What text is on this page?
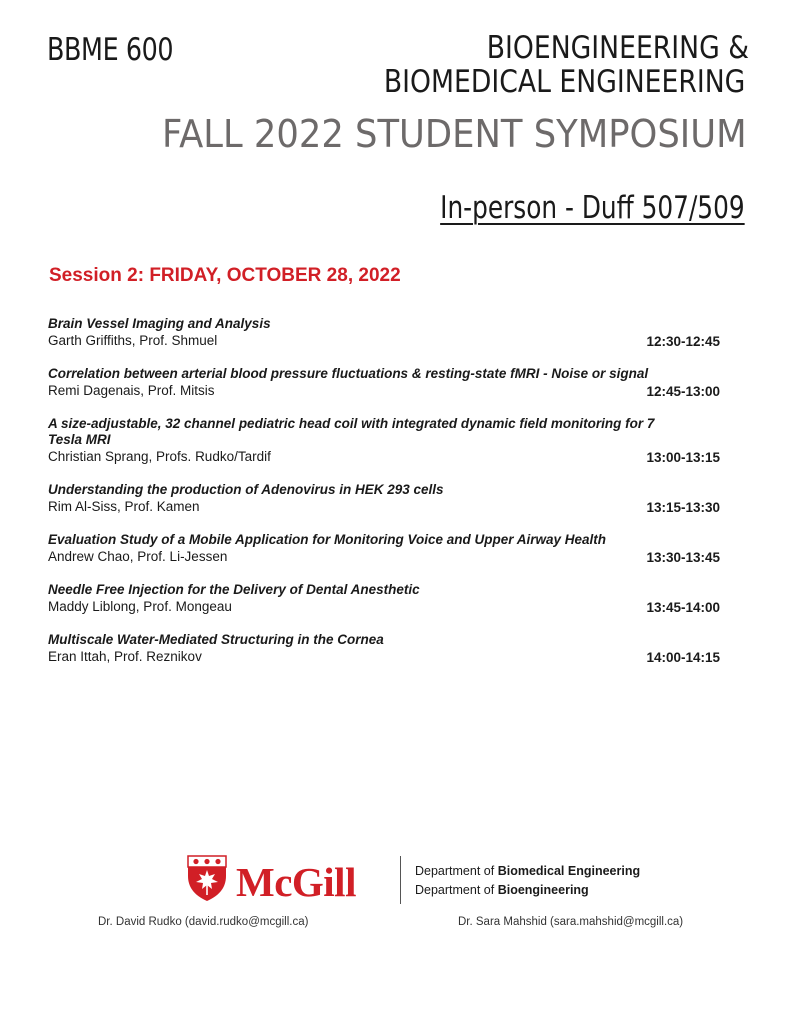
BBME 600	BIOENGINEERING &
BIOMEDICAL ENGINEERING
FALL 2022 STUDENT SYMPOSIUM
In-person - Duff 507/509
Session 2: FRIDAY, OCTOBER 28, 2022
Brain Vessel Imaging and Analysis
Garth Griffiths, Prof. Shmuel	12:30-12:45
Correlation between arterial blood pressure fluctuations & resting-state fMRI - Noise or signal
Remi Dagenais, Prof. Mitsis	12:45-13:00
A size-adjustable, 32 channel pediatric head coil with integrated dynamic field monitoring for 7 Tesla MRI
Christian Sprang, Profs. Rudko/Tardif	13:00-13:15
Understanding the production of Adenovirus in HEK 293 cells
Rim Al-Siss, Prof. Kamen	13:15-13:30
Evaluation Study of a Mobile Application for Monitoring Voice and Upper Airway Health
Andrew Chao, Prof. Li-Jessen	13:30-13:45
Needle Free Injection for the Delivery of Dental Anesthetic
Maddy Liblong, Prof. Mongeau	13:45-14:00
Multiscale Water-Mediated Structuring in the Cornea
Eran Ittah, Prof. Reznikov	14:00-14:15
McGill	Department of Biomedical Engineering
Department of Bioengineering
Dr. David Rudko (david.rudko@mcgill.ca)	Dr. Sara Mahshid (sara.mahshid@mcgill.ca)
